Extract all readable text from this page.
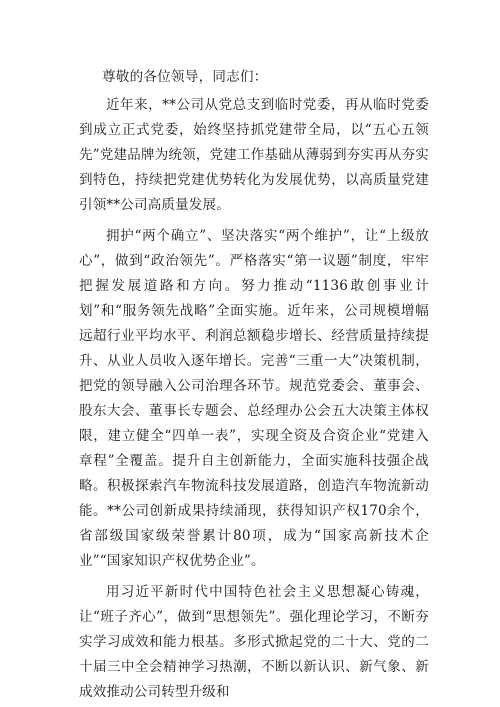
尊敬的各位领导，同志们：

近年来，**公司从党总支到临时党委，再从临时党委到成立正式党委，始终坚持抓党建带全局，以“五心五领先”党建品牌为统领，党建工作基础从薄弱到夯实再从夯实到特色，持续把党建优势转化为发展优势，以高质量党建引领**公司高质量发展。

拥护“两个确立”、坚决落实“两个维护”，让“上级放心”，做到“政治领先”。严格落实“第一议题”制度，牢牢把握发展道路和方向。努力推动“1136敢创事业计划”和“服务领先战略”全面实施。近年来，公司规模增幅远超行业平均水平、利润总额稳步增长、经营质量持续提升、从业人员收入逐年增长。完善“三重一大”决策机制，把党的领导融入公司治理各环节。规范党委会、董事会、股东大会、董事长专题会、总经理办公会五大决策主体权限，建立健全“四单一表”，实现全资及合资企业“党建入章程”全覆盖。提升自主创新能力，全面实施科技强企战略。积极探索汽车物流科技发展道路，创造汽车物流新动能。**公司创新成果持续涌现，获得知识产权170余个，省部级国家级荣誉累计80项，成为“国家高新技术企业”“国家知识产权优势企业”。

用习近平新时代中国特色社会主义思想凝心铸魂，让“班子齐心”，做到“思想领先”。强化理论学习，不断夯实学习成效和能力根基。多形式掀起党的二十大、党的二十届三中全会精神学习热潮，不断以新认识、新气象、新成效推动公司转型升级和
